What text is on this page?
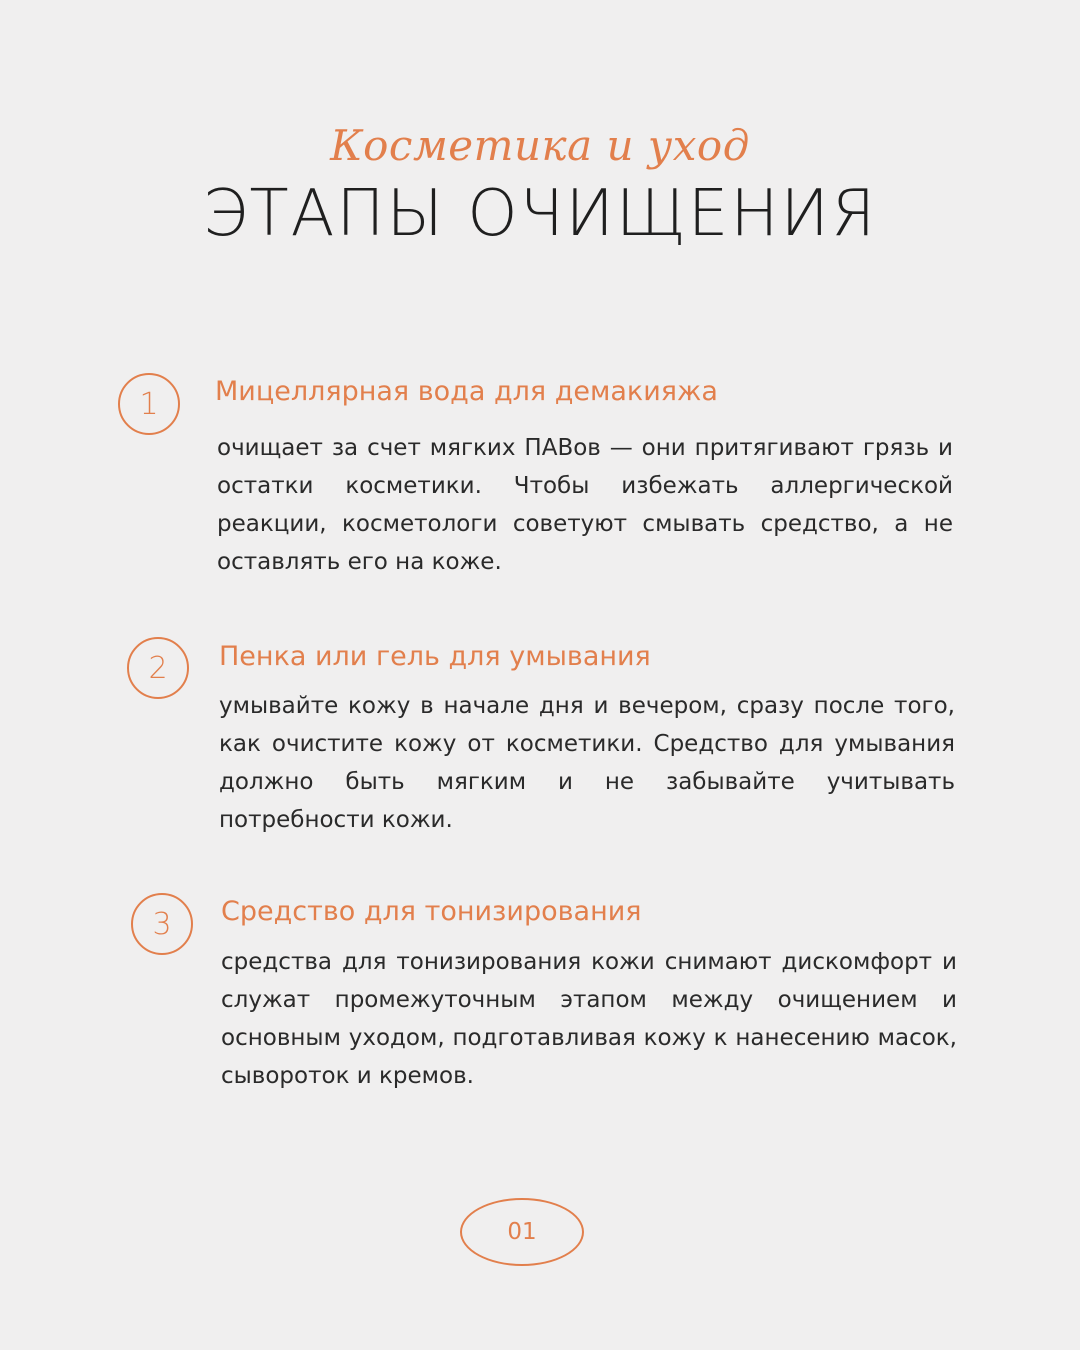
Косметика и уход
ЭТАПЫ ОЧИЩЕНИЯ
1	Мицеллярная вода для демакияжа
очищает за счет мягких ПАВов — они притягивают грязь и остатки косметики. Чтобы избежать аллергической реакции, косметологи советуют смывать средство, а не оставлять его на коже.
2	Пенка или гель для умывания
умывайте кожу в начале дня и вечером, сразу после того, как очистите кожу от косметики. Средство для умывания должно быть мягким и не забывайте учитывать потребности кожи.
3	Средство для тонизирования
средства для тонизирования кожи снимают дискомфорт и служат промежуточным этапом между очищением и основным уходом, подготавливая кожу к нанесению масок, сывороток и кремов.
01
